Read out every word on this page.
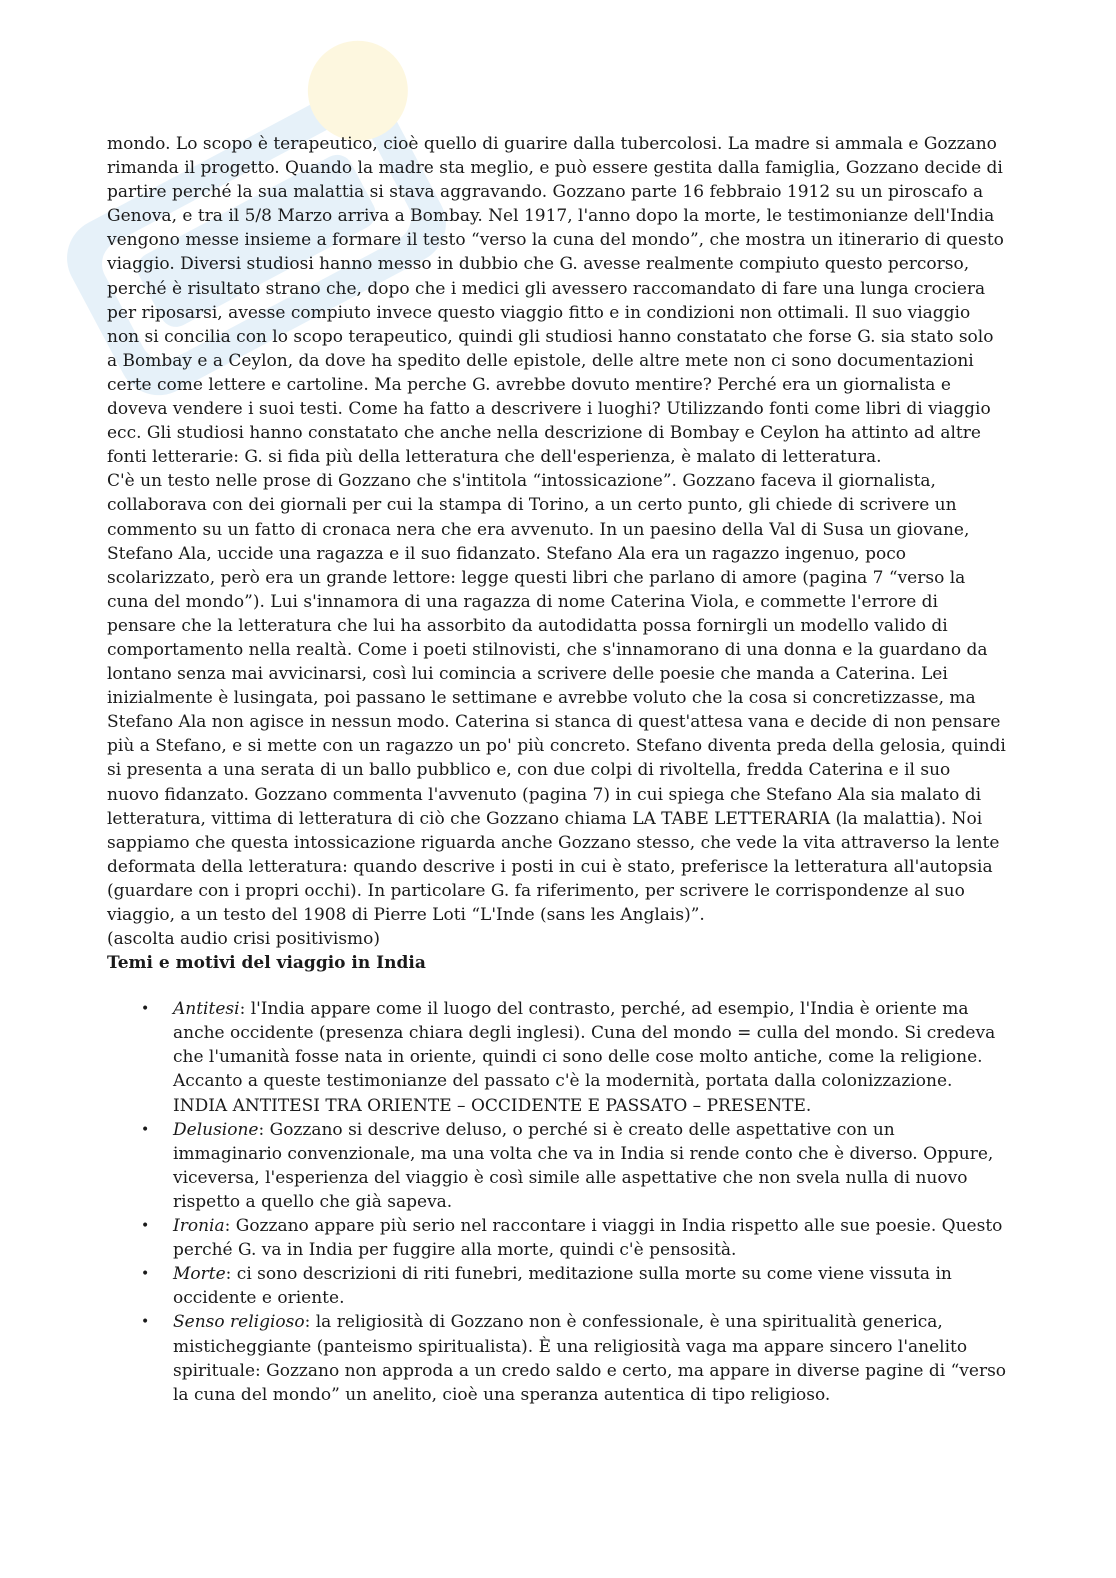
mondo. Lo scopo è terapeutico, cioè quello di guarire dalla tubercolosi. La madre si ammala e Gozzano rimanda il progetto. Quando la madre sta meglio, e può essere gestita dalla famiglia, Gozzano decide di partire perché la sua malattia si stava aggravando. Gozzano parte 16 febbraio 1912 su un piroscafo a Genova, e tra il 5/8 Marzo arriva a Bombay. Nel 1917, l'anno dopo la morte, le testimonianze dell'India vengono messe insieme a formare il testo “verso la cuna del mondo”, che mostra un itinerario di questo viaggio. Diversi studiosi hanno messo in dubbio che G. avesse realmente compiuto questo percorso, perché è risultato strano che, dopo che i medici gli avessero raccomandato di fare una lunga crociera per riposarsi, avesse compiuto invece questo viaggio fitto e in condizioni non ottimali. Il suo viaggio non si concilia con lo scopo terapeutico, quindi gli studiosi hanno constatato che forse G. sia stato solo a Bombay e a Ceylon, da dove ha spedito delle epistole, delle altre mete non ci sono documentazioni certe come lettere e cartoline. Ma perche G. avrebbe dovuto mentire? Perché era un giornalista e doveva vendere i suoi testi. Come ha fatto a descrivere i luoghi? Utilizzando fonti come libri di viaggio ecc. Gli studiosi hanno constatato che anche nella descrizione di Bombay e Ceylon ha attinto ad altre fonti letterarie: G. si fida più della letteratura che dell'esperienza, è malato di letteratura.

C'è un testo nelle prose di Gozzano che s'intitola “intossicazione”. Gozzano faceva il giornalista, collaborava con dei giornali per cui la stampa di Torino, a un certo punto, gli chiede di scrivere un commento su un fatto di cronaca nera che era avvenuto. In un paesino della Val di Susa un giovane, Stefano Ala, uccide una ragazza e il suo fidanzato. Stefano Ala era un ragazzo ingenuo, poco scolarizzato, però era un grande lettore: legge questi libri che parlano di amore (pagina 7 “verso la cuna del mondo”). Lui s'innamora di una ragazza di nome Caterina Viola, e commette l'errore di pensare che la letteratura che lui ha assorbito da autodidatta possa fornirgli un modello valido di comportamento nella realtà. Come i poeti stilnovisti, che s'innamorano di una donna e la guardano da lontano senza mai avvicinarsi, così lui comincia a scrivere delle poesie che manda a Caterina. Lei inizialmente è lusingata, poi passano le settimane e avrebbe voluto che la cosa si concretizzasse, ma Stefano Ala non agisce in nessun modo. Caterina si stanca di quest'attesa vana e decide di non pensare più a Stefano, e si mette con un ragazzo un po' più concreto. Stefano diventa preda della gelosia, quindi si presenta a una serata di un ballo pubblico e, con due colpi di rivoltella, fredda Caterina e il suo nuovo fidanzato. Gozzano commenta l'avvenuto (pagina 7) in cui spiega che Stefano Ala sia malato di letteratura, vittima di letteratura di ciò che Gozzano chiama LA TABE LETTERARIA (la malattia). Noi sappiamo che questa intossicazione riguarda anche Gozzano stesso, che vede la vita attraverso la lente deformata della letteratura: quando descrive i posti in cui è stato, preferisce la letteratura all'autopsia (guardare con i propri occhi). In particolare G. fa riferimento, per scrivere le corrispondenze al suo viaggio, a un testo del 1908 di Pierre Loti “L'Inde (sans les Anglais)”.

(ascolta audio crisi positivismo)

Temi e motivi del viaggio in India

• Antitesi: l'India appare come il luogo del contrasto, perché, ad esempio, l'India è oriente ma anche occidente (presenza chiara degli inglesi). Cuna del mondo = culla del mondo. Si credeva che l'umanità fosse nata in oriente, quindi ci sono delle cose molto antiche, come la religione. Accanto a queste testimonianze del passato c'è la modernità, portata dalla colonizzazione. INDIA ANTITESI TRA ORIENTE – OCCIDENTE E PASSATO – PRESENTE.
• Delusione: Gozzano si descrive deluso, o perché si è creato delle aspettative con un immaginario convenzionale, ma una volta che va in India si rende conto che è diverso. Oppure, viceversa, l'esperienza del viaggio è così simile alle aspettative che non svela nulla di nuovo rispetto a quello che già sapeva.
• Ironia: Gozzano appare più serio nel raccontare i viaggi in India rispetto alle sue poesie. Questo perché G. va in India per fuggire alla morte, quindi c'è pensosità.
• Morte: ci sono descrizioni di riti funebri, meditazione sulla morte su come viene vissuta in occidente e oriente.
• Senso religioso: la religiosità di Gozzano non è confessionale, è una spiritualità generica, misticheggiante (panteismo spiritualista). È una religiosità vaga ma appare sincero l'anelito spirituale: Gozzano non approda a un credo saldo e certo, ma appare in diverse pagine di “verso la cuna del mondo” un anelito, cioè una speranza autentica di tipo religioso.
